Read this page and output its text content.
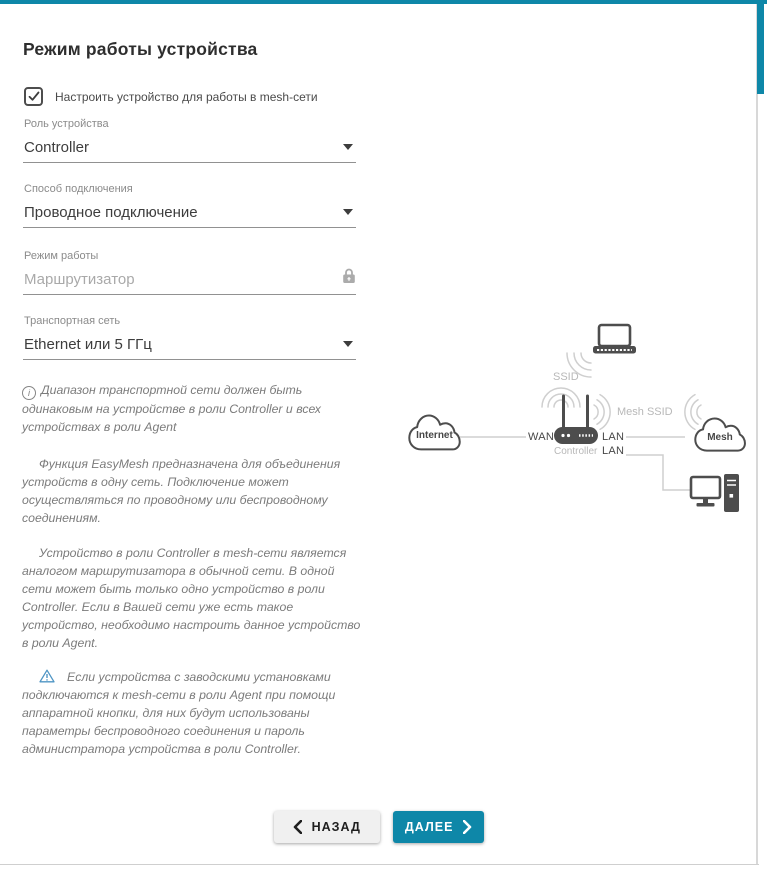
Режим работы устройства
Настроить устройство для работы в mesh-сети
Роль устройства
Controller
Способ подключения
Проводное подключение
Режим работы
Маршрутизатор
Транспортная сеть
Ethernet или 5 ГГц

i Диапазон транспортной сети должен быть одинаковым на устройстве в роли Controller и всех устройствах в роли Agent

Функция EasyMesh предназначена для объединения устройств в одну сеть. Подключение может осуществляться по проводному или беспроводному соединениям.

Устройство в роли Controller в mesh-сети является аналогом маршрутизатора в обычной сети. В одной сети может быть только одно устройство в роли Controller. Если в Вашей сети уже есть такое устройство, необходимо настроить данное устройство в роли Agent.

Если устройства с заводскими установками подключаются к mesh-сети в роли Agent при помощи аппаратной кнопки, для них будут использованы параметры беспроводного соединения и пароль администратора устройства в роли Controller.

SSID
Mesh SSID
WAN	LAN
LAN
Controller
Internet	Mesh
НАЗАД	ДАЛЕЕ
